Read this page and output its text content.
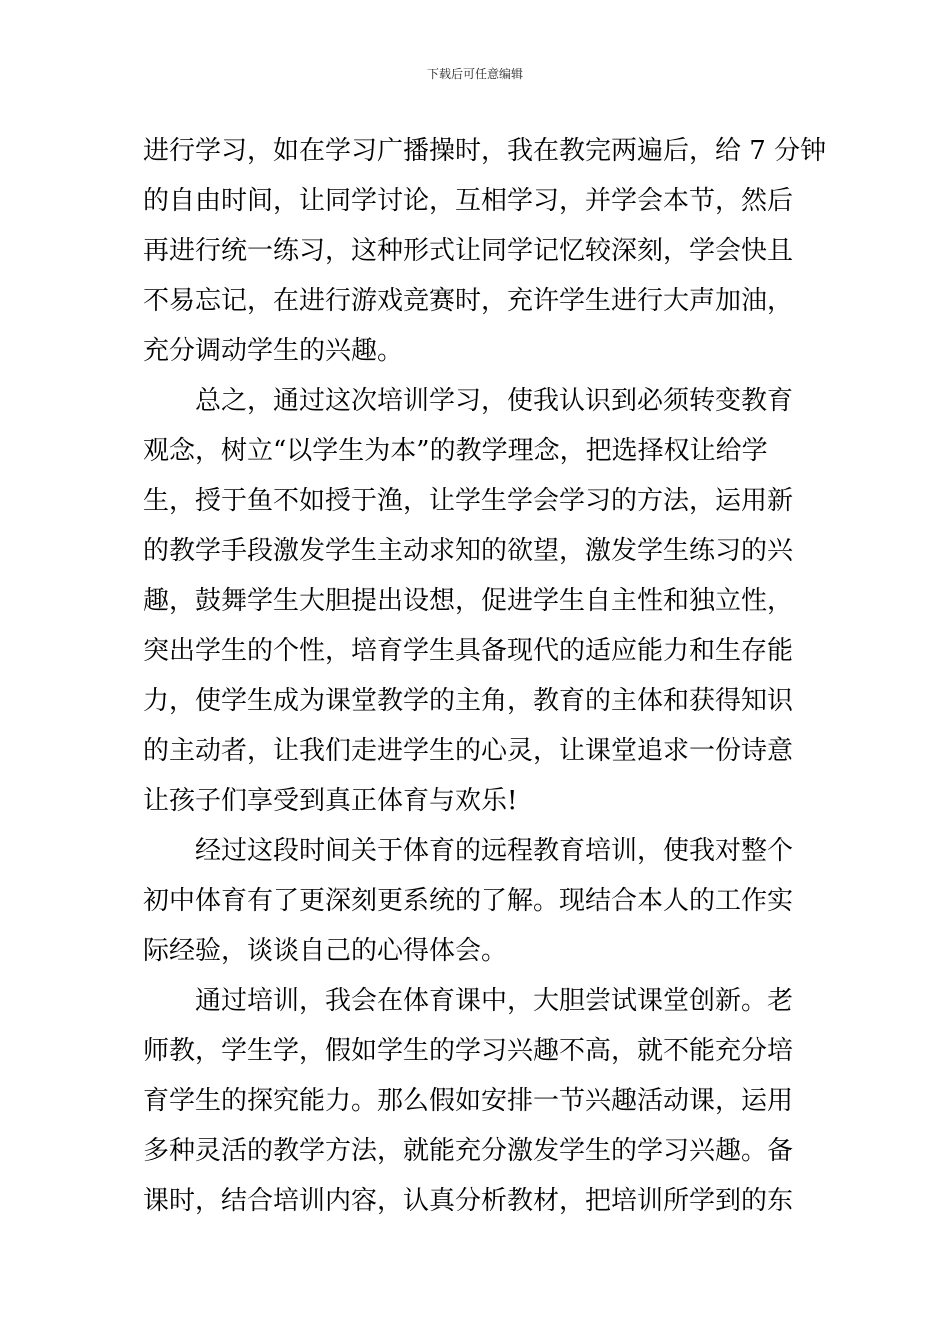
下载后可任意编辑
进行学习，如在学习广播操时，我在教完两遍后，给 7 分钟
的自由时间，让同学讨论，互相学习，并学会本节，然后
再进行统一练习，这种形式让同学记忆较深刻，学会快且
不易忘记，在进行游戏竞赛时，充许学生进行大声加油，
充分调动学生的兴趣。
总之，通过这次培训学习，使我认识到必须转变教育
观念，树立“以学生为本”的教学理念，把选择权让给学
生，授于鱼不如授于渔，让学生学会学习的方法，运用新
的教学手段激发学生主动求知的欲望，激发学生练习的兴
趣，鼓舞学生大胆提出设想，促进学生自主性和独立性，
突出学生的个性，培育学生具备现代的适应能力和生存能
力，使学生成为课堂教学的主角，教育的主体和获得知识
的主动者，让我们走进学生的心灵，让课堂追求一份诗意
让孩子们享受到真正体育与欢乐!
经过这段时间关于体育的远程教育培训，使我对整个
初中体育有了更深刻更系统的了解。现结合本人的工作实
际经验，谈谈自己的心得体会。
通过培训，我会在体育课中，大胆尝试课堂创新。老
师教，学生学，假如学生的学习兴趣不高，就不能充分培
育学生的探究能力。那么假如安排一节兴趣活动课，运用
多种灵活的教学方法，就能充分激发学生的学习兴趣。备
课时，结合培训内容，认真分析教材，把培训所学到的东
